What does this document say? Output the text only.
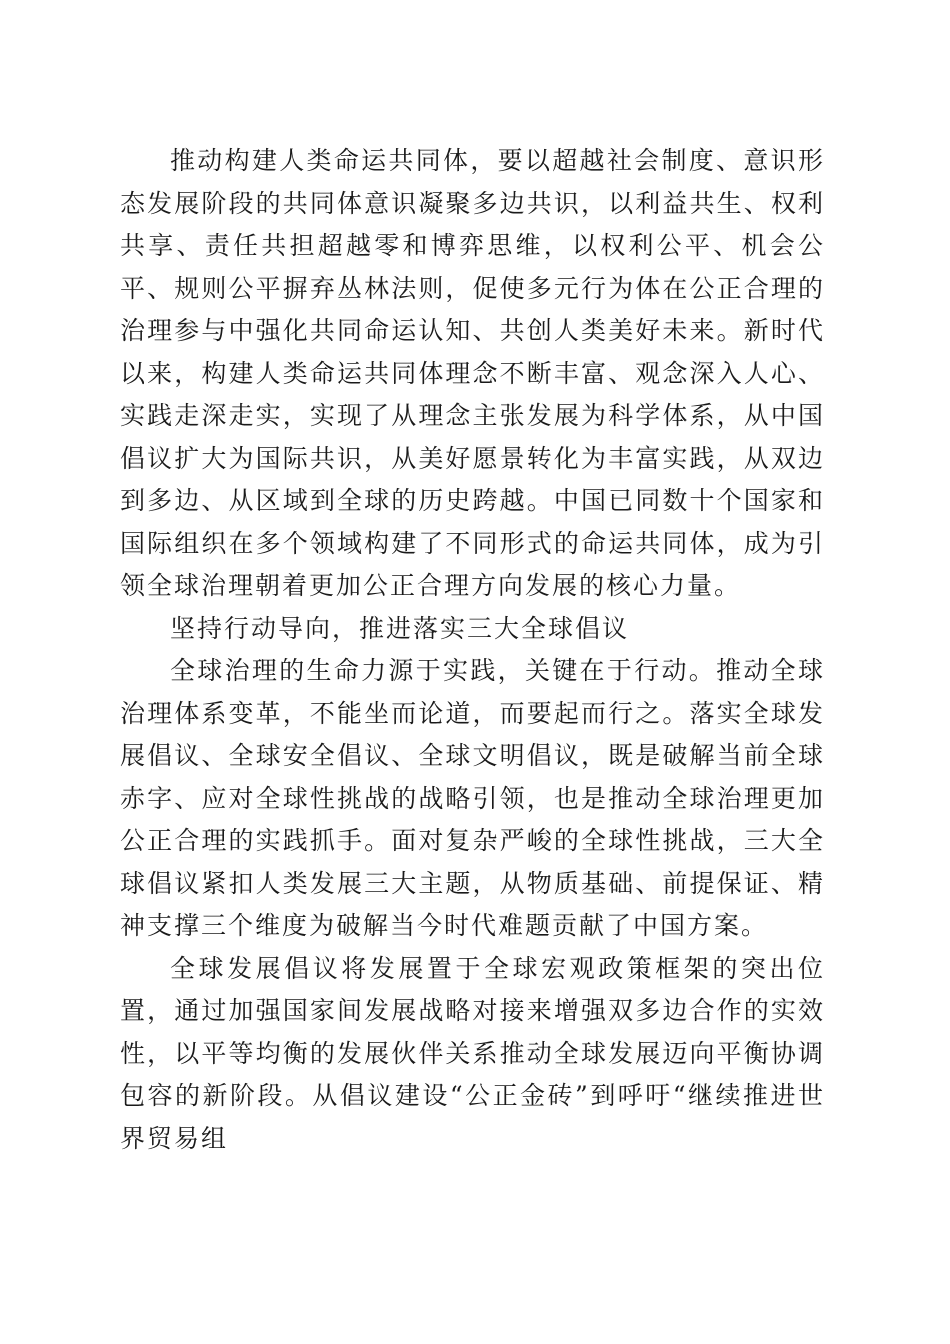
推动构建人类命运共同体，要以超越社会制度、意识形态发展阶段的共同体意识凝聚多边共识，以利益共生、权利共享、责任共担超越零和博弈思维，以权利公平、机会公平、规则公平摒弃丛林法则，促使多元行为体在公正合理的治理参与中强化共同命运认知、共创人类美好未来。新时代以来，构建人类命运共同体理念不断丰富、观念深入人心、实践走深走实，实现了从理念主张发展为科学体系，从中国倡议扩大为国际共识，从美好愿景转化为丰富实践，从双边到多边、从区域到全球的历史跨越。中国已同数十个国家和国际组织在多个领域构建了不同形式的命运共同体，成为引领全球治理朝着更加公正合理方向发展的核心力量。

坚持行动导向，推进落实三大全球倡议

全球治理的生命力源于实践，关键在于行动。推动全球治理体系变革，不能坐而论道，而要起而行之。落实全球发展倡议、全球安全倡议、全球文明倡议，既是破解当前全球赤字、应对全球性挑战的战略引领，也是推动全球治理更加公正合理的实践抓手。面对复杂严峻的全球性挑战，三大全球倡议紧扣人类发展三大主题，从物质基础、前提保证、精神支撑三个维度为破解当今时代难题贡献了中国方案。

全球发展倡议将发展置于全球宏观政策框架的突出位置，通过加强国家间发展战略对接来增强双多边合作的实效性，以平等均衡的发展伙伴关系推动全球发展迈向平衡协调包容的新阶段。从倡议建设“公正金砖”到呼吁“继续推进世界贸易组
